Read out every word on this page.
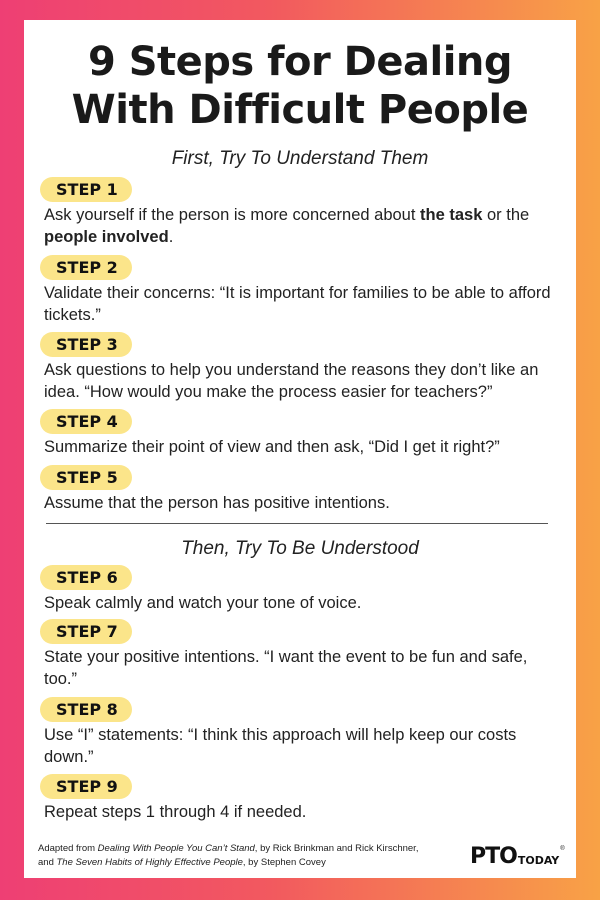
9 Steps for Dealing
With Difficult People
First, Try To Understand Them
STEP 1
Ask yourself if the person is more concerned about the task or the people involved.
STEP 2
Validate their concerns: “It is important for families to be able to afford tickets.”
STEP 3
Ask questions to help you understand the reasons they don’t like an idea. “How would you make the process easier for teachers?”
STEP 4
Summarize their point of view and then ask, “Did I get it right?”
STEP 5
Assume that the person has positive intentions.
Then, Try To Be Understood
STEP 6
Speak calmly and watch your tone of voice.
STEP 7
State your positive intentions. “I want the event to be fun and safe, too.”
STEP 8
Use “I” statements: “I think this approach will help keep our costs down.”
STEP 9
Repeat steps 1 through 4 if needed.
Adapted from Dealing With People You Can’t Stand, by Rick Brinkman and Rick Kirschner,
and The Seven Habits of Highly Effective People, by Stephen Covey	PTO TODAY
®
